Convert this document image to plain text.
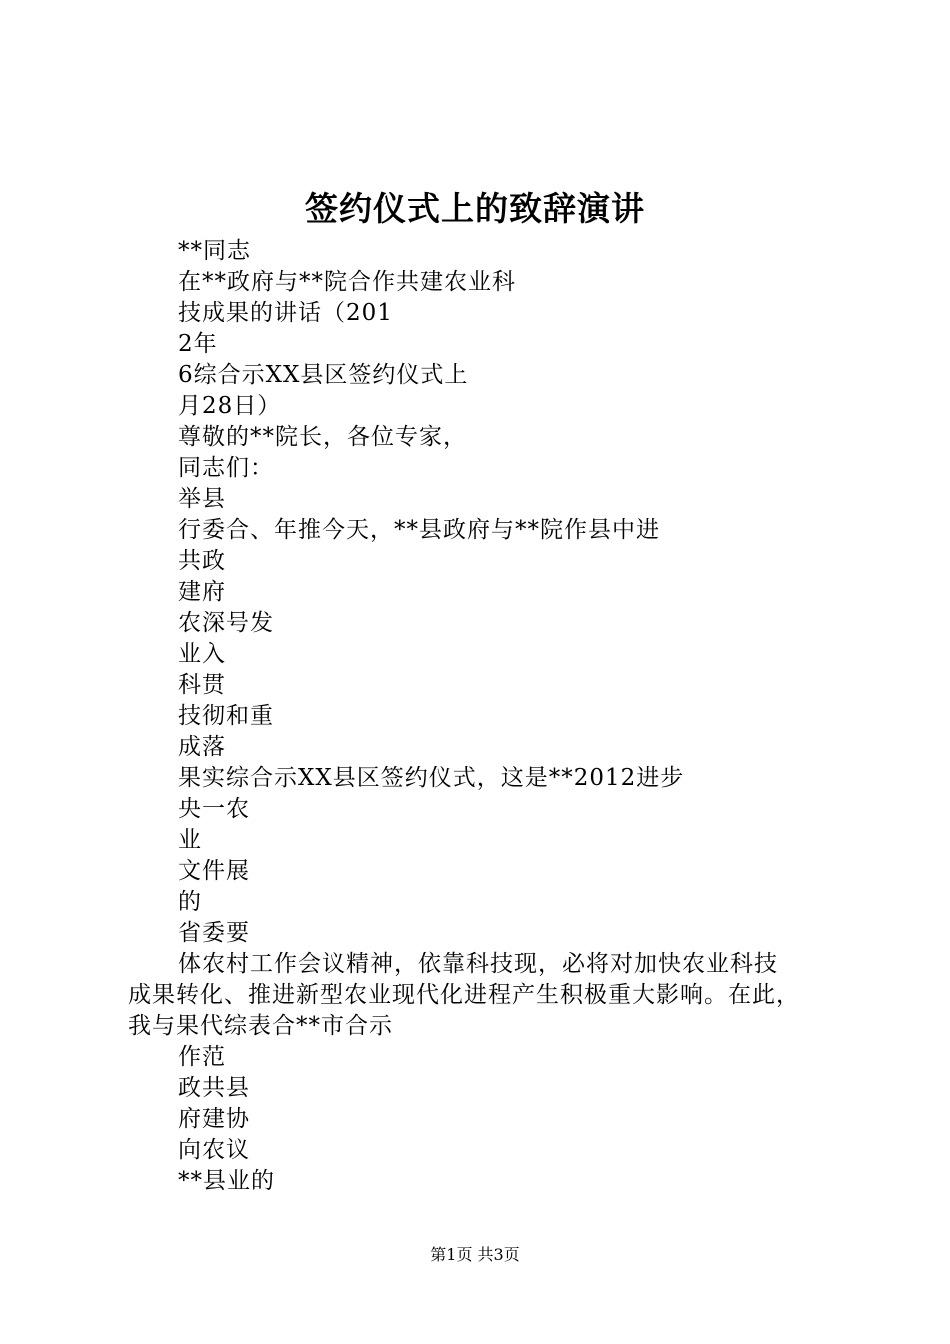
签约仪式上的致辞演讲
**同志
在**政府与**院合作共建农业科
技成果的讲话（201
2年
6综合示XX县区签约仪式上
月28日）
尊敬的**院长，各位专家，
同志们：
举县
行委合、年推今天，**县政府与**院作县中进
共政
建府
农深号发
业入
科贯
技彻和重
成落
果实综合示XX县区签约仪式，这是**2012进步
央一农
业
文件展
的
省委要
体农村工作会议精神，依靠科技现，必将对加快农业科技
成果转化、推进新型农业现代化进程产生积极重大影响。在此，
我与果代综表合**市合示
作范
政共县
府建协
向农议
**县业的
第1页 共3页
